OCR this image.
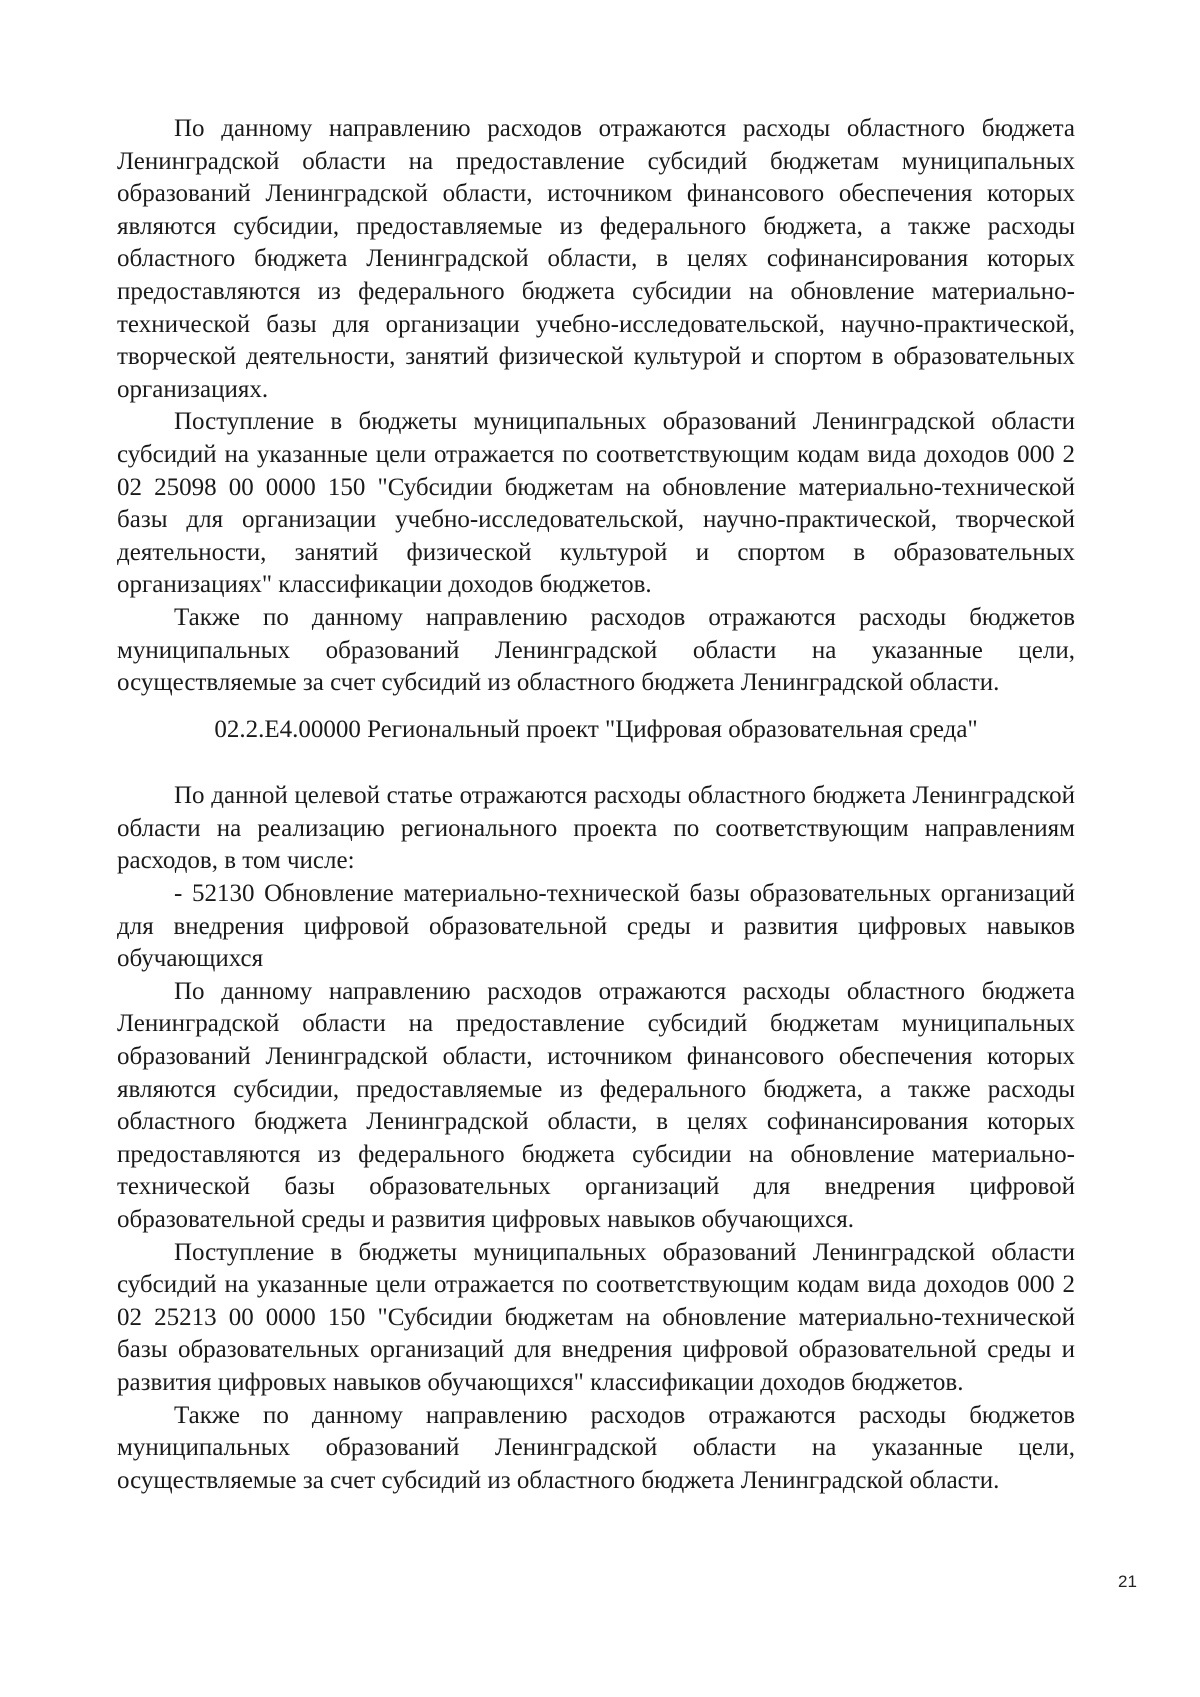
По данному направлению расходов отражаются расходы областного бюджета Ленинградской области на предоставление субсидий бюджетам муниципальных образований Ленинградской области, источником финансового обеспечения которых являются субсидии, предоставляемые из федерального бюджета, а также расходы областного бюджета Ленинградской области, в целях софинансирования которых предоставляются из федерального бюджета субсидии на обновление материально-технической базы для организации учебно-исследовательской, научно-практической, творческой деятельности, занятий физической культурой и спортом в образовательных организациях.

Поступление в бюджеты муниципальных образований Ленинградской области субсидий на указанные цели отражается по соответствующим кодам вида доходов 000 2 02 25098 00 0000 150 "Субсидии бюджетам на обновление материально-технической базы для организации учебно-исследовательской, научно-практической, творческой деятельности, занятий физической культурой и спортом в образовательных организациях" классификации доходов бюджетов.

Также по данному направлению расходов отражаются расходы бюджетов муниципальных образований Ленинградской области на указанные цели, осуществляемые за счет субсидий из областного бюджета Ленинградской области.

02.2.E4.00000 Региональный проект "Цифровая образовательная среда"

По данной целевой статье отражаются расходы областного бюджета Ленинградской области на реализацию регионального проекта по соответствующим направлениям расходов, в том числе:

- 52130 Обновление материально-технической базы образовательных организаций для внедрения цифровой образовательной среды и развития цифровых навыков обучающихся

По данному направлению расходов отражаются расходы областного бюджета Ленинградской области на предоставление субсидий бюджетам муниципальных образований Ленинградской области, источником финансового обеспечения которых являются субсидии, предоставляемые из федерального бюджета, а также расходы областного бюджета Ленинградской области, в целях софинансирования которых предоставляются из федерального бюджета субсидии на обновление материально-технической базы образовательных организаций для внедрения цифровой образовательной среды и развития цифровых навыков обучающихся.

Поступление в бюджеты муниципальных образований Ленинградской области субсидий на указанные цели отражается по соответствующим кодам вида доходов 000 2 02 25213 00 0000 150 "Субсидии бюджетам на обновление материально-технической базы образовательных организаций для внедрения цифровой образовательной среды и развития цифровых навыков обучающихся" классификации доходов бюджетов.

Также по данному направлению расходов отражаются расходы бюджетов муниципальных образований Ленинградской области на указанные цели, осуществляемые за счет субсидий из областного бюджета Ленинградской области.

21
